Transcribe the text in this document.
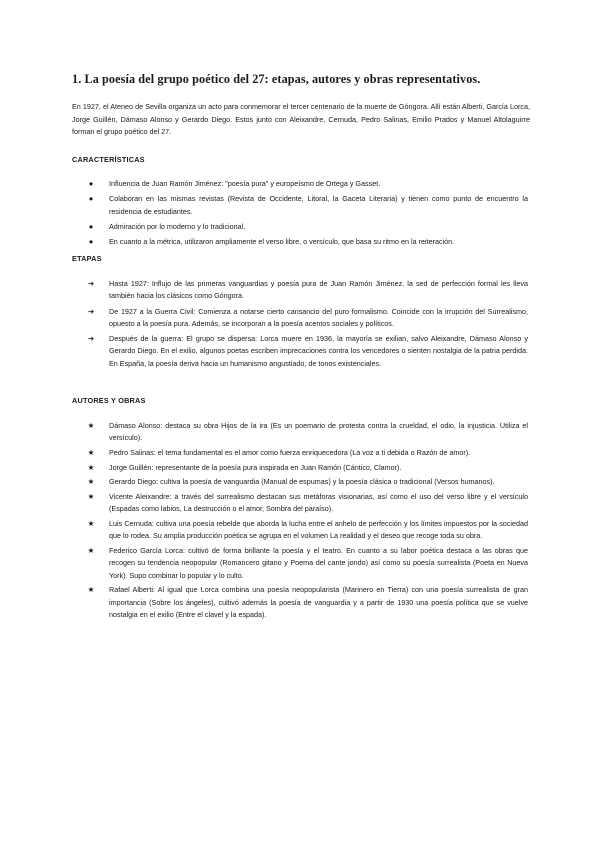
1. La poesía del grupo poético del 27: etapas, autores y obras representativos.

En 1927, el Ateneo de Sevilla organiza un acto para conmemorar el tercer centenario de la muerte de Góngora. Allí están Alberti, García Lorca, Jorge Guillén, Dámaso Alonso y Gerardo Diego. Estos junto con Aleixandre, Cernuda, Pedro Salinas, Emilio Prados y Manuel Altolaguirre forman el grupo poético del 27.

CARACTERÍSTICAS
●	Influencia de Juan Ramón Jiménez: "poesía pura" y europeísmo de Ortega y Gasset.
●	Colaboran en las mismas revistas (Revista de Occidente, Litoral, la Gaceta Literaria) y tienen como punto de encuentro la residencia de estudiantes.
●	Admiración por lo moderno y lo tradicional.
●	En cuanto a la métrica, utilizaron ampliamente el verso libre, o versículo, que basa su ritmo en la reiteración.
ETAPAS
➔	Hasta 1927: Influjo de las primeras vanguardias y poesía pura de Juan Ramón Jiménez. la sed de perfección formal les lleva también hacia los clásicos como Góngora.
➔	De 1927 a la Guerra Civil: Comienza a notarse cierto cansancio del puro formalismo. Coincide con la irrupción del Surrealismo, opuesto a la poesía pura. Además, se incorporan a la poesía acentos sociales y políticos.
➔	Después de la guerra: El grupo se dispersa: Lorca muere en 1936, la mayoría se exilian, salvo Aleixandre, Dámaso Alonso y Gerardo Diego. En el exilio, algunos poetas escriben imprecaciones contra los vencedores o sienten nostalgia de la patria perdida. En España, la poesía deriva hacia un humanismo angustiado, de tonos existenciales.
AUTORES Y OBRAS
★	Dámaso Alonso: destaca su obra Hijos de la ira (Es un poemario de protesta contra la crueldad, el odio, la injusticia. Utiliza el versículo).
★	Pedro Salinas: el tema fundamental es el amor como fuerza enriquecedora (La voz a ti debida o Razón de amor).
★	Jorge Guillén: representante de la poesía pura inspirada en Juan Ramón (Cántico, Clamor).
★	Gerardo Diego: cultiva la poesía de vanguardia (Manual de espumas) y la poesía clásica o tradicional (Versos humanos).
★	Vicente Aleixandre: a través del surrealismo destacan sus metáforas visionarias, así como el uso del verso libre y el versículo (Espadas como labios, La destrucción o el amor, Sombra del paraíso).
★	Luis Cernuda: cultiva una poesía rebelde que aborda la lucha entre el anhelo de perfección y los límites impuestos por la sociedad que lo rodea. Su amplia producción poética se agrupa en el volumen La realidad y el deseo que recoge toda su obra.
★	Federico García Lorca: cultivó de forma brillante la poesía y el teatro. En cuanto a su labor poética destaca a las obras que recogen su tendencia neopopular (Romancero gitano y Poema del cante jondo) así como su poesía surrealista (Poeta en Nueva York). Supo combinar lo popular y lo culto.
★	Rafael Alberti: Al igual que Lorca combina una poesía neopopularista (Marinero en Tierra) con una poesía surrealista de gran importancia (Sobre los ángeles), cultivó además la poesía de vanguardia y a partir de 1930 una poesía política que se vuelve nostalgia en el exilio (Entre el clavel y la espada).
